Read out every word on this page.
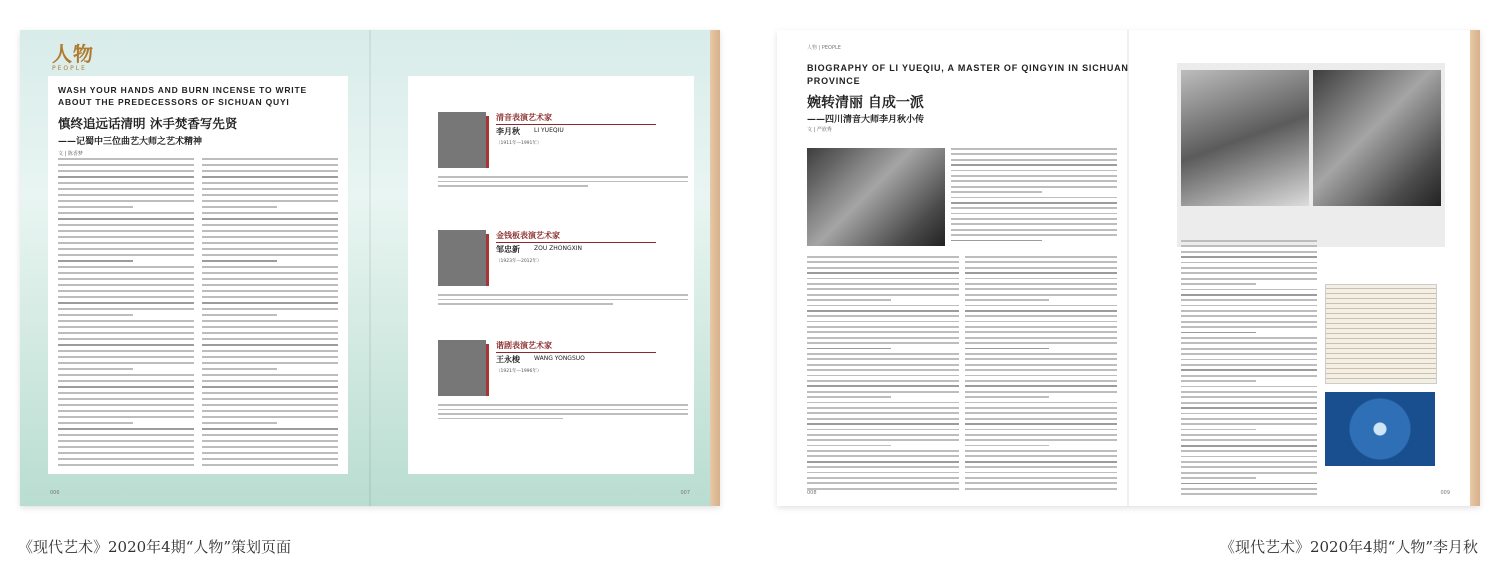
人物
PEOPLE
WASH YOUR HANDS AND BURN INCENSE TO WRITE ABOUT THE PREDECESSORS OF SICHUAN QUYI
慎终追远话清明 沐手焚香写先贤
——记蜀中三位曲艺大师之艺术精神
文 | 陈香梦
清音表演艺术家
李月秋 LI YUEQIU
（1911年—1991年）
金钱板表演艺术家
邹忠新 ZOU ZHONGXIN
（1923年—2012年）
谐剧表演艺术家
王永梭 WANG YONGSUO
（1921年—1996年）
006	007
人物 | PEOPLE
BIOGRAPHY OF LI YUEQIU, A MASTER OF QINGYIN IN SICHUAN PROVINCE
婉转清丽 自成一派
——四川清音大师李月秋小传
文 | 严欣秀
008	009
《现代艺术》2020年4期“人物”策划页面	《现代艺术》2020年4期“人物”李月秋
